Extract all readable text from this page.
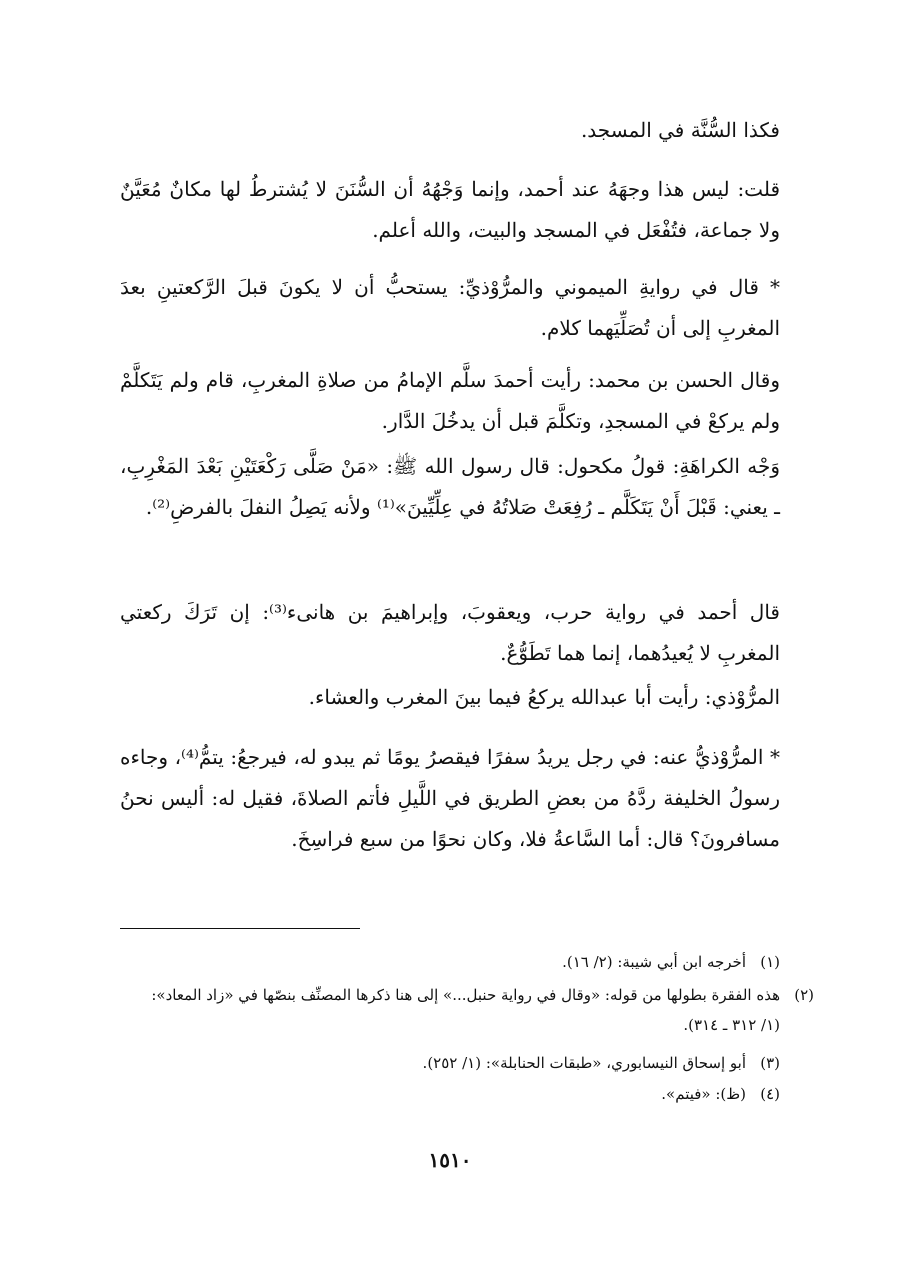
فكذا السُّنَّة في المسجد.

قلت: ليس هذا وجهَهُ عند أحمد، وإنما وَجْهُهُ أن السُّنَنَ لا يُشترطُ لها مكانٌ مُعَيَّنٌ ولا جماعة، فتُفْعَل في المسجد والبيت، والله أعلم.

* قال في روايةِ الميموني والمرُّوْذيِّ: يستحبُّ أن لا يكونَ قبلَ الرَّكعتينِ بعدَ المغربِ إلى أن تُصَلِّيَهما كلام.

وقال الحسن بن محمد: رأيت أحمدَ سلَّم الإمامُ من صلاةِ المغربِ، قام ولم يَتَكلَّمْ ولم يركعْ في المسجدِ، وتكلَّمَ قبل أن يدخُلَ الدَّار.

وَجْه الكراهَةِ: قولُ مكحول: قال رسول الله ﷺ: «مَنْ صَلَّى رَكْعَتَيْنِ بَعْدَ المَغْرِبِ، ـ يعني: قَبْلَ أَنْ يَتَكَلَّم ـ رُفِعَتْ صَلاتُهُ في عِلِّيِّينَ»⁽¹⁾ ولأنه يَصِلُ النفلَ بالفرضِ⁽²⁾.

قال أحمد في رواية حرب، ويعقوبَ، وإبراهيمَ بن هانىء⁽³⁾: إن تَرَكَ ركعتي المغربِ لا يُعيدُهما، إنما هما تَطَوُّعٌ.

المرُّوْذي: رأيت أبا عبدالله يركعُ فيما بينَ المغرب والعشاء.

* المرُّوْذيُّ عنه: في رجل يريدُ سفرًا فيقصرُ يومًا ثم يبدو له، فيرجعُ: يتمُّ⁽⁴⁾، وجاءه رسولُ الخليفة ردَّهُ من بعضِ الطريق في اللَّيلِ فأتم الصلاةَ، فقيل له: أليس نحنُ مسافرونَ؟ قال: أما السَّاعةُ فلا، وكان نحوًا من سبع فراسِخَ.

(١)أخرجه ابن أبي شيبة: (٢/ ١٦).

(٢)هذه الفقرة بطولها من قوله: «وقال في رواية حنبل...» إلى هنا ذكرها المصنِّف بنصّها في «زاد المعاد»: (١/ ٣١٢ ـ ٣١٤).

(٣)أبو إسحاق النيسابوري، «طبقات الحنابلة»: (١/ ٢٥٢).

(٤)(ظ): «فيتم».

١٥١٠
